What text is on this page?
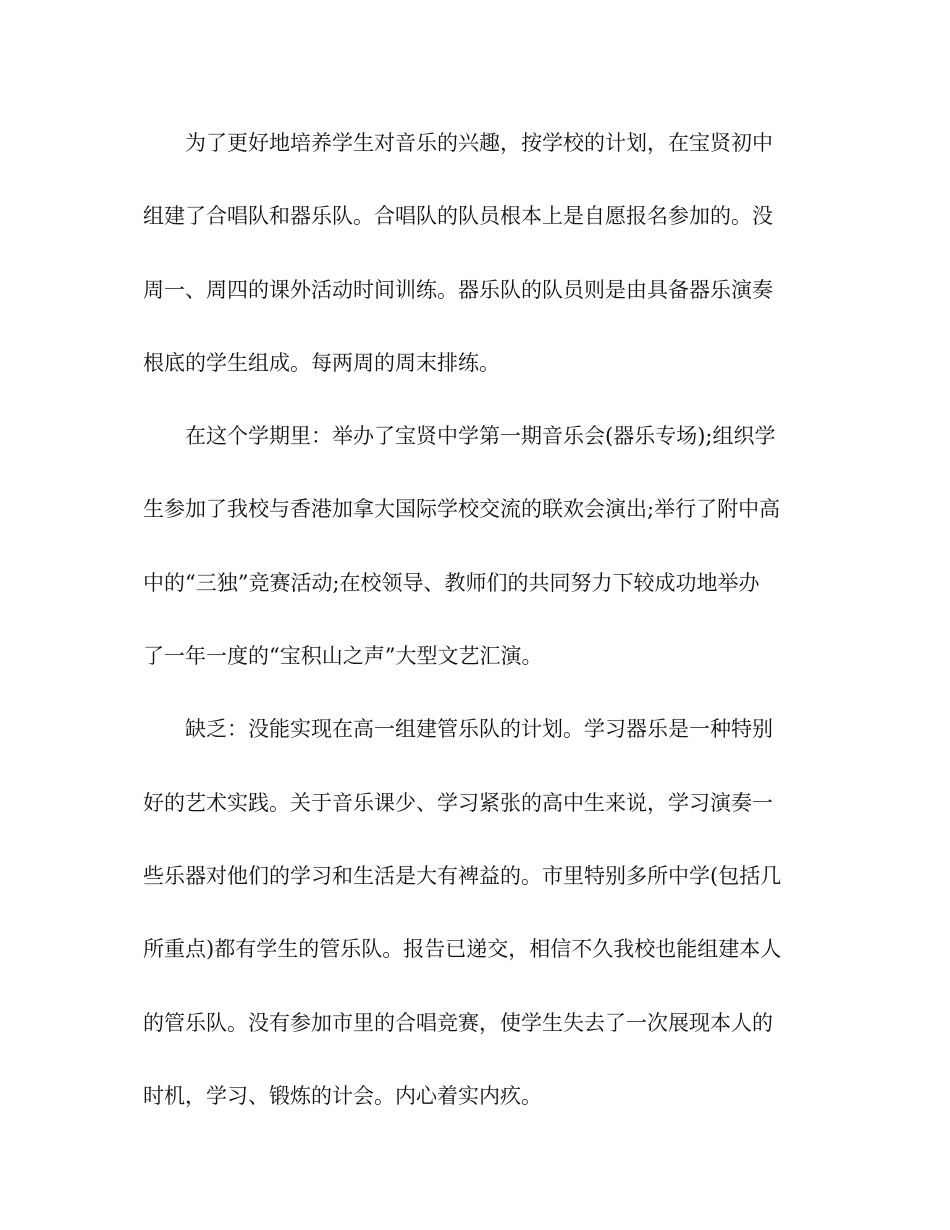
为了更好地培养学生对音乐的兴趣，按学校的计划，在宝贤初中
组建了合唱队和器乐队。合唱队的队员根本上是自愿报名参加的。没
周一、周四的课外活动时间训练。器乐队的队员则是由具备器乐演奏
根底的学生组成。每两周的周末排练。
在这个学期里：举办了宝贤中学第一期音乐会(器乐专场);组织学
生参加了我校与香港加拿大国际学校交流的联欢会演出;举行了附中高
中的“三独”竞赛活动;在校领导、教师们的共同努力下较成功地举办
了一年一度的“宝积山之声”大型文艺汇演。
缺乏：没能实现在高一组建管乐队的计划。学习器乐是一种特别
好的艺术实践。关于音乐课少、学习紧张的高中生来说，学习演奏一
些乐器对他们的学习和生活是大有裨益的。市里特别多所中学(包括几
所重点)都有学生的管乐队。报告已递交，相信不久我校也能组建本人
的管乐队。没有参加市里的合唱竞赛，使学生失去了一次展现本人的
时机，学习、锻炼的计会。内心着实内疚。
